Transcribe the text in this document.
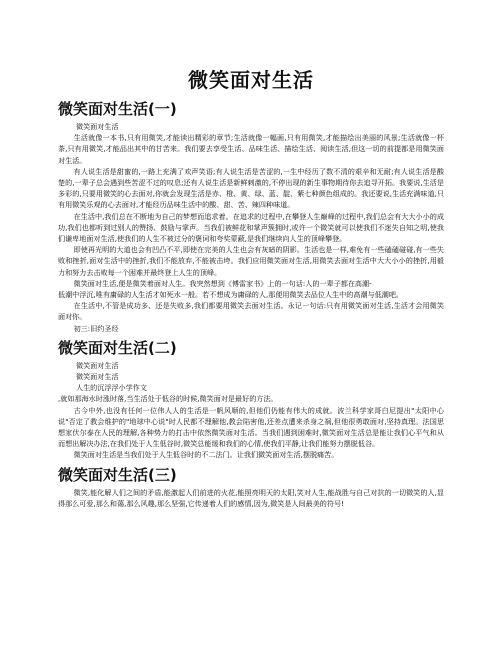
微笑面对生活
微笑面对生活(一)

微笑面对生活

生活就像一本书,只有用微笑,才能读出精彩的章节;生活就像一幅画,只有用微笑,才能描绘出美丽的风景;生活就像一杯茶,只有用微笑,才能品出其中的甘苦来。我们要去享受生活、品味生活、描绘生活、阅读生活,但这一切的前提都是用微笑面对生活。

有人说生活是甜蜜的,一路上充满了欢声笑语;有人说生活是苦涩的,一生中经历了数不清的艰辛和无耐;有人说生活是酸楚的,一辈子总会遇到些苦涩不过的叹息;还有人说生活是新鲜刺激的,不停出现的新生事物期待你去追寻开拓。我要说,生活是多彩的,只要用微笑的心去面对,你就会发现生活是赤、橙、黄、绿、蓝、靛、紫七种颜色组成的。我还要说,生活充满味道,只有用微笑乐观的心去面对,才能经历品味生活中的酸、甜、苦、辣四种味道。

在生活中,我们总在不断地为自己的梦想而追求着。在追求的过程中,在攀登人生巅峰的过程中,我们总会有大大小小的成功,我们也都听到过别人的赞扬、鼓励与掌声。当我们被鲜花和掌声簇拥时,或许一个微笑就可以使我们不迷失自知之明,使我们谦卑地面对生活,使我们的人生不被过分的褒词和夸奖蒙蔽,是我们继续向人生的顶峰攀登。

即使再光明的大道也会有凹凸不平,即使在完美的人生也会有灰暗的阴影。生活也是一样,难免有一些磕磕碰碰,有一些失败和挫折,面对生活中的挫折,我们不能放弃,不能被击垮。我们应用微笑面对生活,用微笑去面对生活中大大小小的挫折,用毅力和努力去击败每一个困难并最终登上人生的顶峰。

微笑面对生活,便是微笑着面对人生。我突然想到《傅雷家书》上的一句话:人的一辈子都在高潮-

低潮中浮沉,唯有庸碌的人生活才如死水一般。若不想成为庸碌的人,那便用微笑去品位人生中的高潮与低潮吧。

在生活中,不管是成功多、还是失败多,我们都要用微笑去面对生活。永记一句话:只有用微笑面对生活,生活才会用微笑面对你。

初三:旧约圣经

微笑面对生活(二)

微笑面对生活

微笑面对生活

人生的沉浮浮小学作文

,就如那海水时涨时落,当生活处于低谷的时候,微笑面对是最好的方法。

古今中外,也没有任何一位伟人人的生活是一帆风顺的,但他们仍能有伟大的成就。波兰科学家哥白尼提出"太阳中心说"否定了教会维护的"地球中心说"时人民都不理解他,教会陷害他,还差点遭来杀身之祸,但他很勇敢面对,坚持真理。法国思想家伏尔泰在人民的理解,各种势力的打击中依然微笑面对生活。当我们遇到困难时,微笑面对生活总是能让我们心平气和从而想出解决办法,在我们处于人生低谷时,微笑总能缓和我们的心情,使我们平静,让我们能努力摆脱低谷。

微笑面对生活是当我们处于人生低谷时的不二法门。让我们微笑面对生活,摆脱痛苦。

微笑面对生活(三)

微笑,能化解人们之间的矛盾,能激起人们前进的火花,能照亮明天的太阳,笑对人生,能战胜与自己对抗的一切微笑的人,显得那么可爱,那么和蔼,那么风趣,那么坚强,它传递着人们的感情,因为,微笑是人间最美的符号!
